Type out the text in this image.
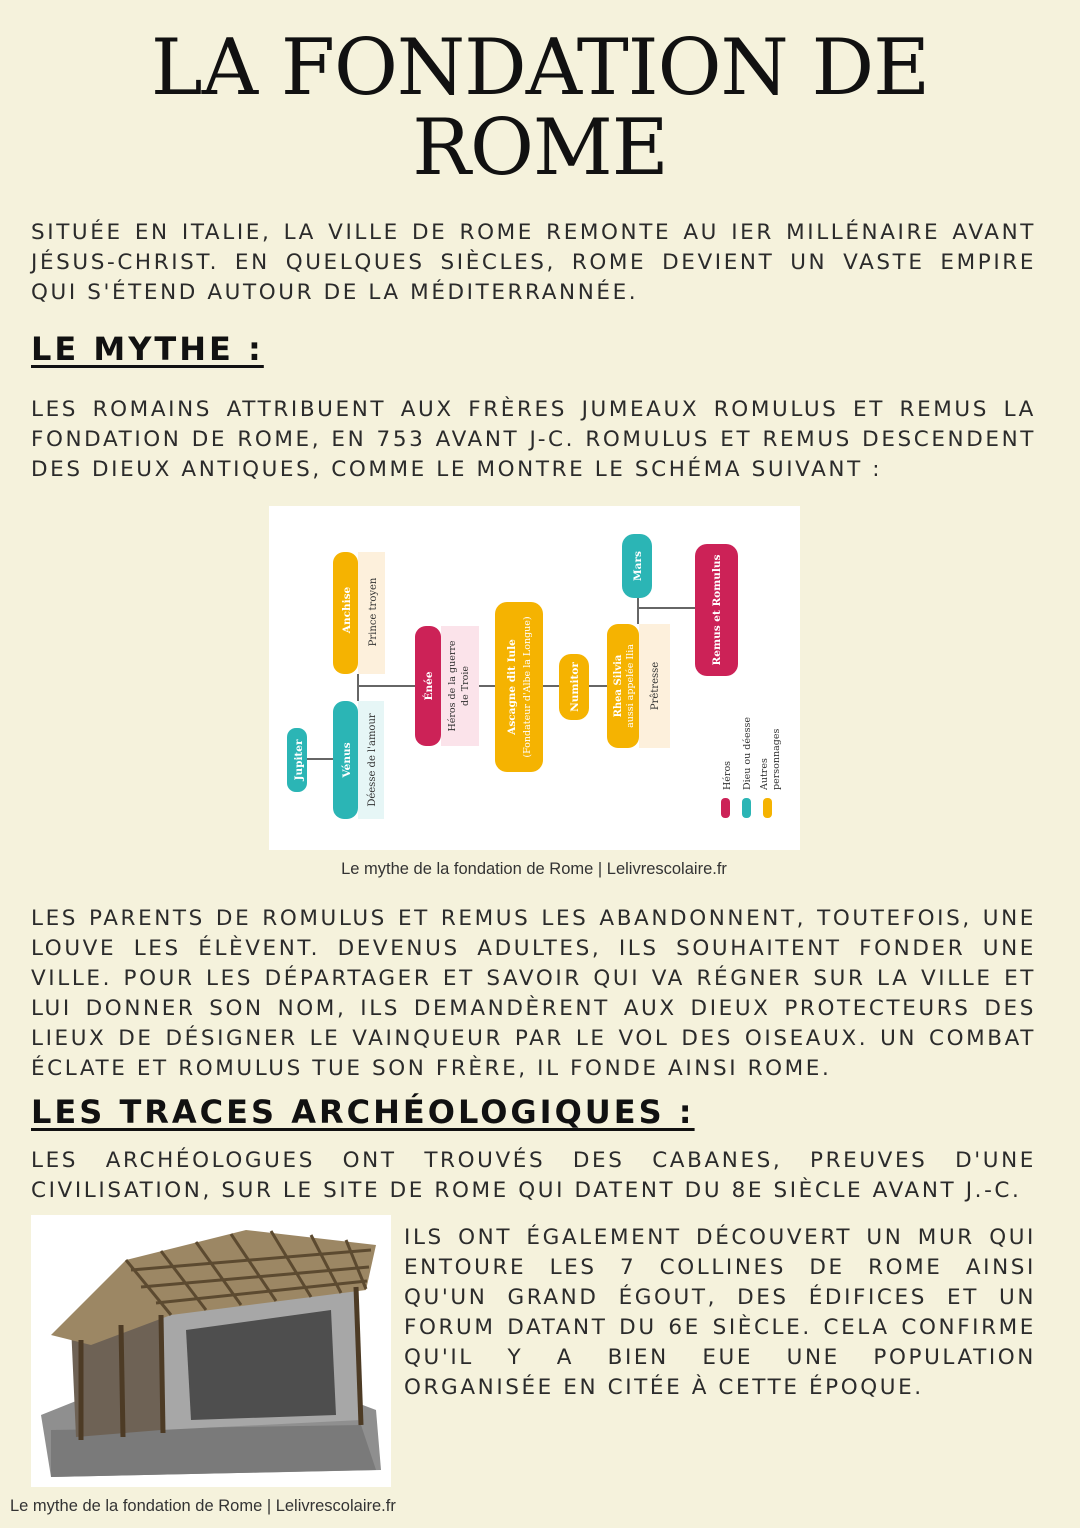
LA FONDATION DE
ROME
SITUÉE EN ITALIE, LA VILLE DE ROME REMONTE AU IER MILLÉNAIRE AVANT JÉSUS-CHRIST. EN QUELQUES SIÈCLES, ROME DEVIENT UN VASTE EMPIRE QUI S'ÉTEND AUTOUR DE LA MÉDITERRANNÉE.
LE MYTHE :
LES ROMAINS ATTRIBUENT AUX FRÈRES JUMEAUX ROMULUS ET REMUS LA FONDATION DE ROME, EN 753 AVANT J-C. ROMULUS ET REMUS DESCENDENT DES DIEUX ANTIQUES, COMME LE MONTRE LE SCHÉMA SUIVANT :
Jupiter	Vénus Déesse de l'amour
Anchise Prince troyen
Énée Héros de la guerre de Troie	Ascagne dit Iule (Fondateur d'Albe la Longue)	Numitor	Rhea Silvia aussi appelée Ilia Prêtresse
Mars	Remus et Romulus
Héros Dieu ou déesse Autres personnages
Le mythe de la fondation de Rome | Lelivrescolaire.fr
LES PARENTS DE ROMULUS ET REMUS LES ABANDONNENT, TOUTEFOIS, UNE LOUVE LES ÉLÈVENT. DEVENUS ADULTES, ILS SOUHAITENT FONDER UNE VILLE. POUR LES DÉPARTAGER ET SAVOIR QUI VA RÉGNER SUR LA VILLE ET LUI DONNER SON NOM, ILS DEMANDÈRENT AUX DIEUX PROTECTEURS DES LIEUX DE DÉSIGNER LE VAINQUEUR PAR LE VOL DES OISEAUX. UN COMBAT ÉCLATE ET ROMULUS TUE SON FRÈRE, IL FONDE AINSI ROME.
LES TRACES ARCHÉOLOGIQUES :
LES ARCHÉOLOGUES ONT TROUVÉS DES CABANES, PREUVES D'UNE CIVILISATION, SUR LE SITE DE ROME QUI DATENT DU 8E SIÈCLE AVANT J.-C.
ILS ONT ÉGALEMENT DÉCOUVERT UN MUR QUI ENTOURE LES 7 COLLINES DE ROME AINSI QU'UN GRAND ÉGOUT, DES ÉDIFICES ET UN FORUM DATANT DU 6E SIÈCLE. CELA CONFIRME QU'IL Y A BIEN EUE UNE POPULATION ORGANISÉE EN CITÉE À CETTE ÉPOQUE.
Le mythe de la fondation de Rome | Lelivrescolaire.fr
